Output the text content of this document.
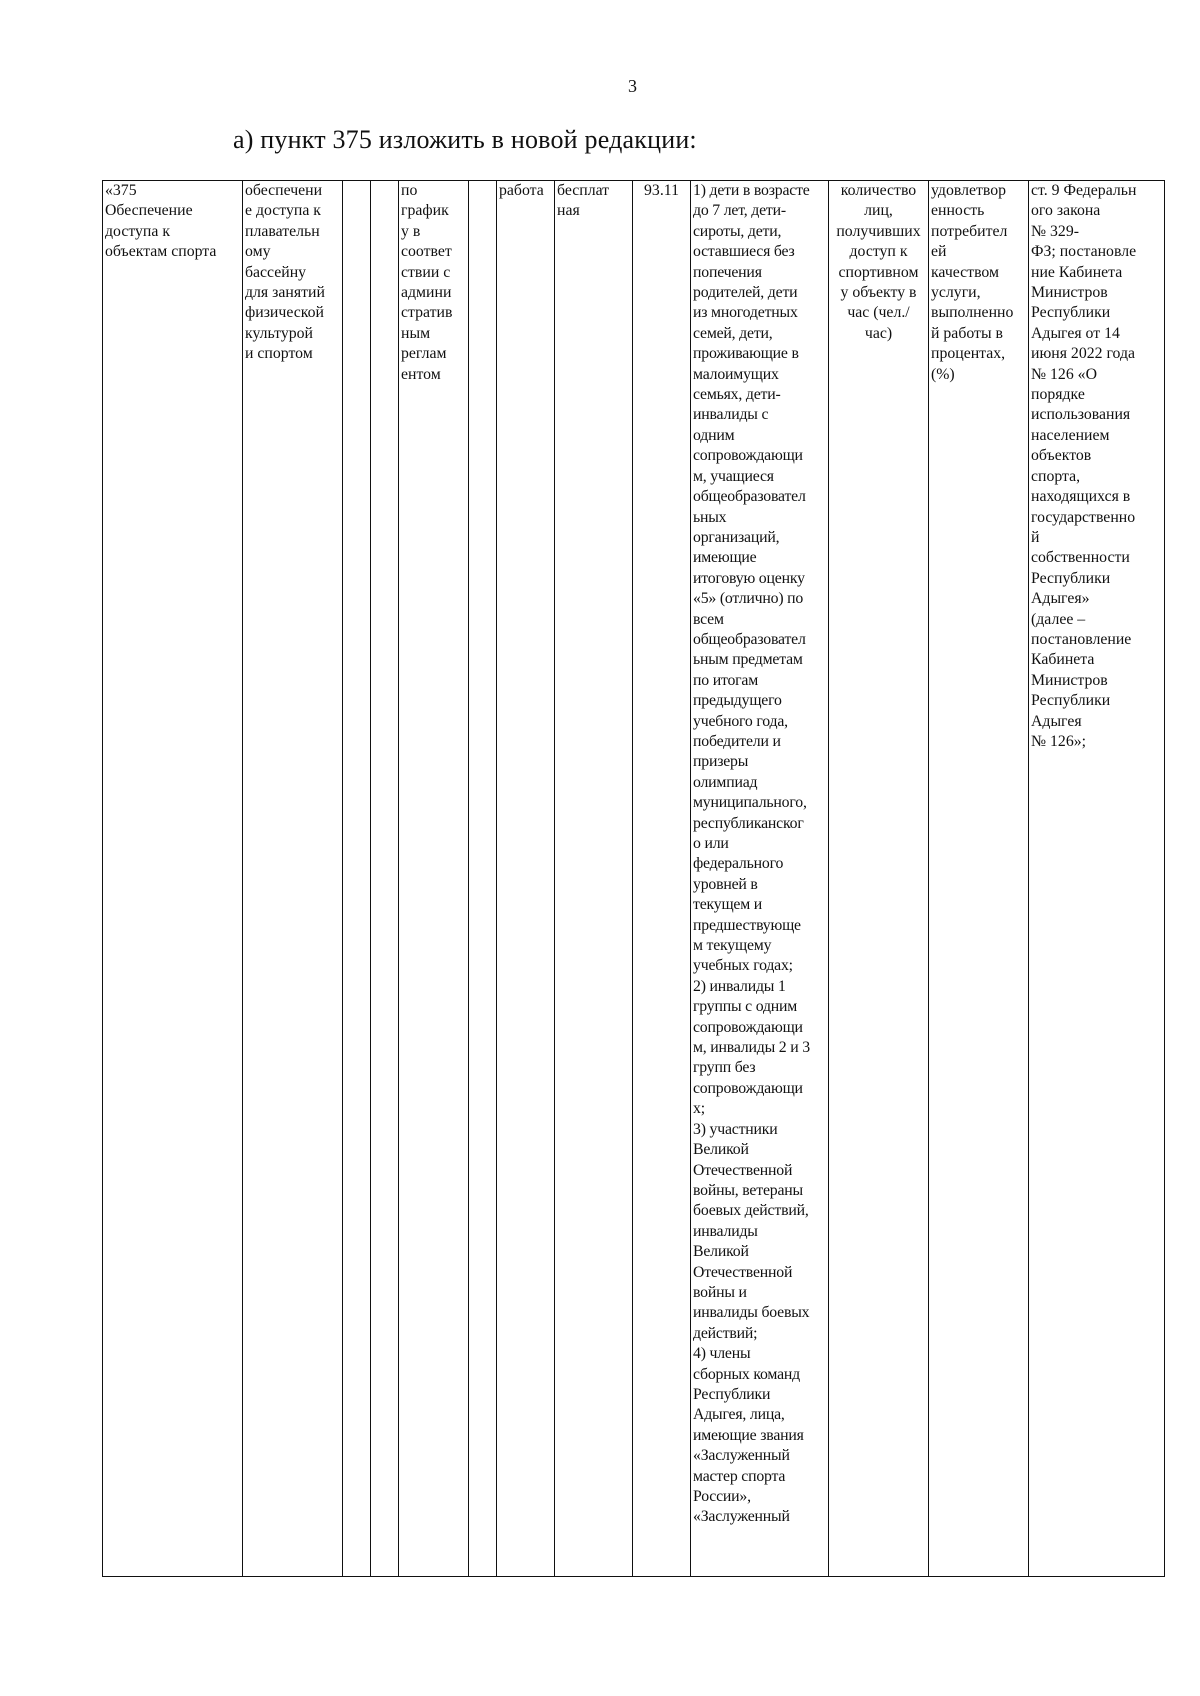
3
а) пункт 375 изложить в новой редакции:
«375
Обеспечение
доступа к
объектам спорта	обеспечени
е доступа к
плавательн
ому
бассейну
для занятий
физической
культурой
и спортом			по
график
у в
соответ
ствии с
админи
стратив
ным
реглам
ентом		работа	бесплат
ная	93.11	1) дети в возрасте
до 7 лет, дети-
сироты, дети,
оставшиеся без
попечения
родителей, дети
из многодетных
семей, дети,
проживающие в
малоимущих
семьях, дети-
инвалиды с
одним
сопровождающи
м, учащиеся
общеобразовател
ьных
организаций,
имеющие
итоговую оценку
«5» (отлично) по
всем
общеобразовател
ьным предметам
по итогам
предыдущего
учебного года,
победители и
призеры
олимпиад
муниципального,
республиканског
о или
федерального
уровней в
текущем и
предшествующе
м текущему
учебных годах;
2) инвалиды 1
группы с одним
сопровождающи
м, инвалиды 2 и 3
групп без
сопровождающи
х;
3) участники
Великой
Отечественной
войны, ветераны
боевых действий,
инвалиды
Великой
Отечественной
войны и
инвалиды боевых
действий;
4) члены
сборных команд
Республики
Адыгея, лица,
имеющие звания
«Заслуженный
мастер спорта
России»,
«Заслуженный	количество
лиц,
получивших
доступ к
спортивном
у объекту в
час (чел./
час)	удовлетвор
енность
потребител
ей
качеством
услуги,
выполненно
й работы в
процентах,
(%)	ст. 9 Федеральн
ого закона
№ 329-
ФЗ; постановле
ние Кабинета
Министров
Республики
Адыгея от 14
июня 2022 года
№ 126 «О
порядке
использования
населением
объектов
спорта,
находящихся в
государственно
й
собственности
Республики
Адыгея»
(далее –
постановление
Кабинета
Министров
Республики
Адыгея
№ 126»;
